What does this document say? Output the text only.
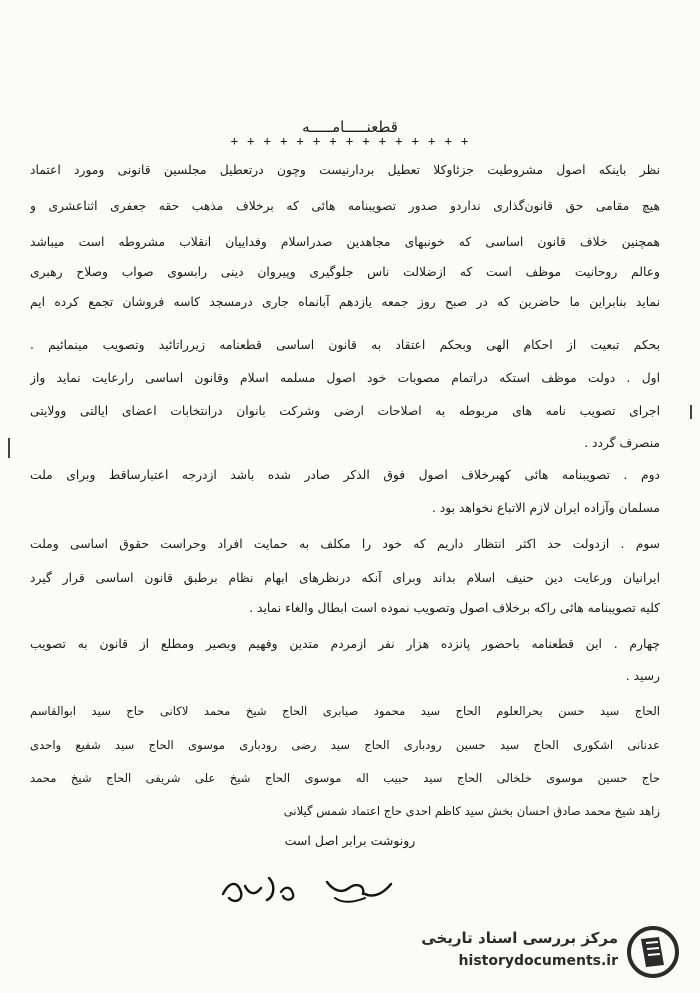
قطعنـــــامـــــه
+ + + + + + + + + + + + + + +
نظر باینکه اصول مشروطیت جزئاوکلا تعطیل بردارنیست وچون درتعطیل مجلسین قانونی ومورد اعتماد
هیچ مقامی حق قانون‌گذاری نداردو صدور تصویبنامه هائی که برخلاف مذهب حقه جعفری اثناعشری و
همچنین خلاف قانون اساسی که خونبهای مجاهدین صدراسلام وفداییان انقلاب مشروطه است میباشد
وعالم روحانیت موظف است که ازضلالت ناس جلوگیری وپیروان دینی رابسوی صواب وصلاح رهبری
نماید بنابراین ما حاضرین که در صبح روز جمعه یازدهم آبانماه جاری درمسجد کاسه فروشان تجمع کرده ایم
بحکم تبعیت از احکام الهی وبحکم اعتقاد به قانون اساسی قطعنامه زیرراتائید وتصویب مینمائیم .
اول . دولت موظف استکه دراتمام مصوبات خود اصول مسلمه اسلام وقانون اساسی رارعایت نماید واز
اجرای تصویب نامه های مربوطه به اصلاحات ارضی وشرکت بانوان درانتخابات اعضای ایالتی وولایتی
منصرف گردد .
دوم . تصویبنامه هائی کهبرخلاف اصول فوق الذکر صادر شده باشد ازدرجه اعتبارساقط وبرای ملت
مسلمان وآزاده ایران لازم الاتباع نخواهد بود .
سوم . ازدولت حد اکثر انتظار داریم که خود را مکلف به حمایت افراد وحراست حقوق اساسی وملت
ایرانیان ورعایت دین حنیف اسلام بداند وبرای آنکه درنظرهای ابهام نظام برطبق قانون اساسی قرار گیرد
کلیه تصویبنامه هائی راکه برخلاف اصول وتصویب نموده است ابطال والغاء نماید .
چهارم . این قطعنامه باحضور پانزده هزار نفر ازمردم متدین وفهیم وبصیر ومطلع از قانون به تصویب
رسید .
الحاج سید حسن بحرالعلوم الحاج سید محمود صیابری الحاج شیخ محمد لاکانی حاج سید ابوالقاسم
عدنانی اشکوری الحاج سید حسین رودباری الحاج سید رضی رودباری موسوی الحاج سید شفیع واحدی
حاج حسین موسوی خلخالی الحاج سید حبیب اله موسوی الحاج شیخ علی شریفی الحاج شیخ محمد
زاهد شیخ محمد صادق احسان بخش سید کاظم احدی حاج اعتماد شمس گیلانی
رونوشت برابر اصل است
مرکز بررسی اسناد تاریخی
historydocuments.ir
